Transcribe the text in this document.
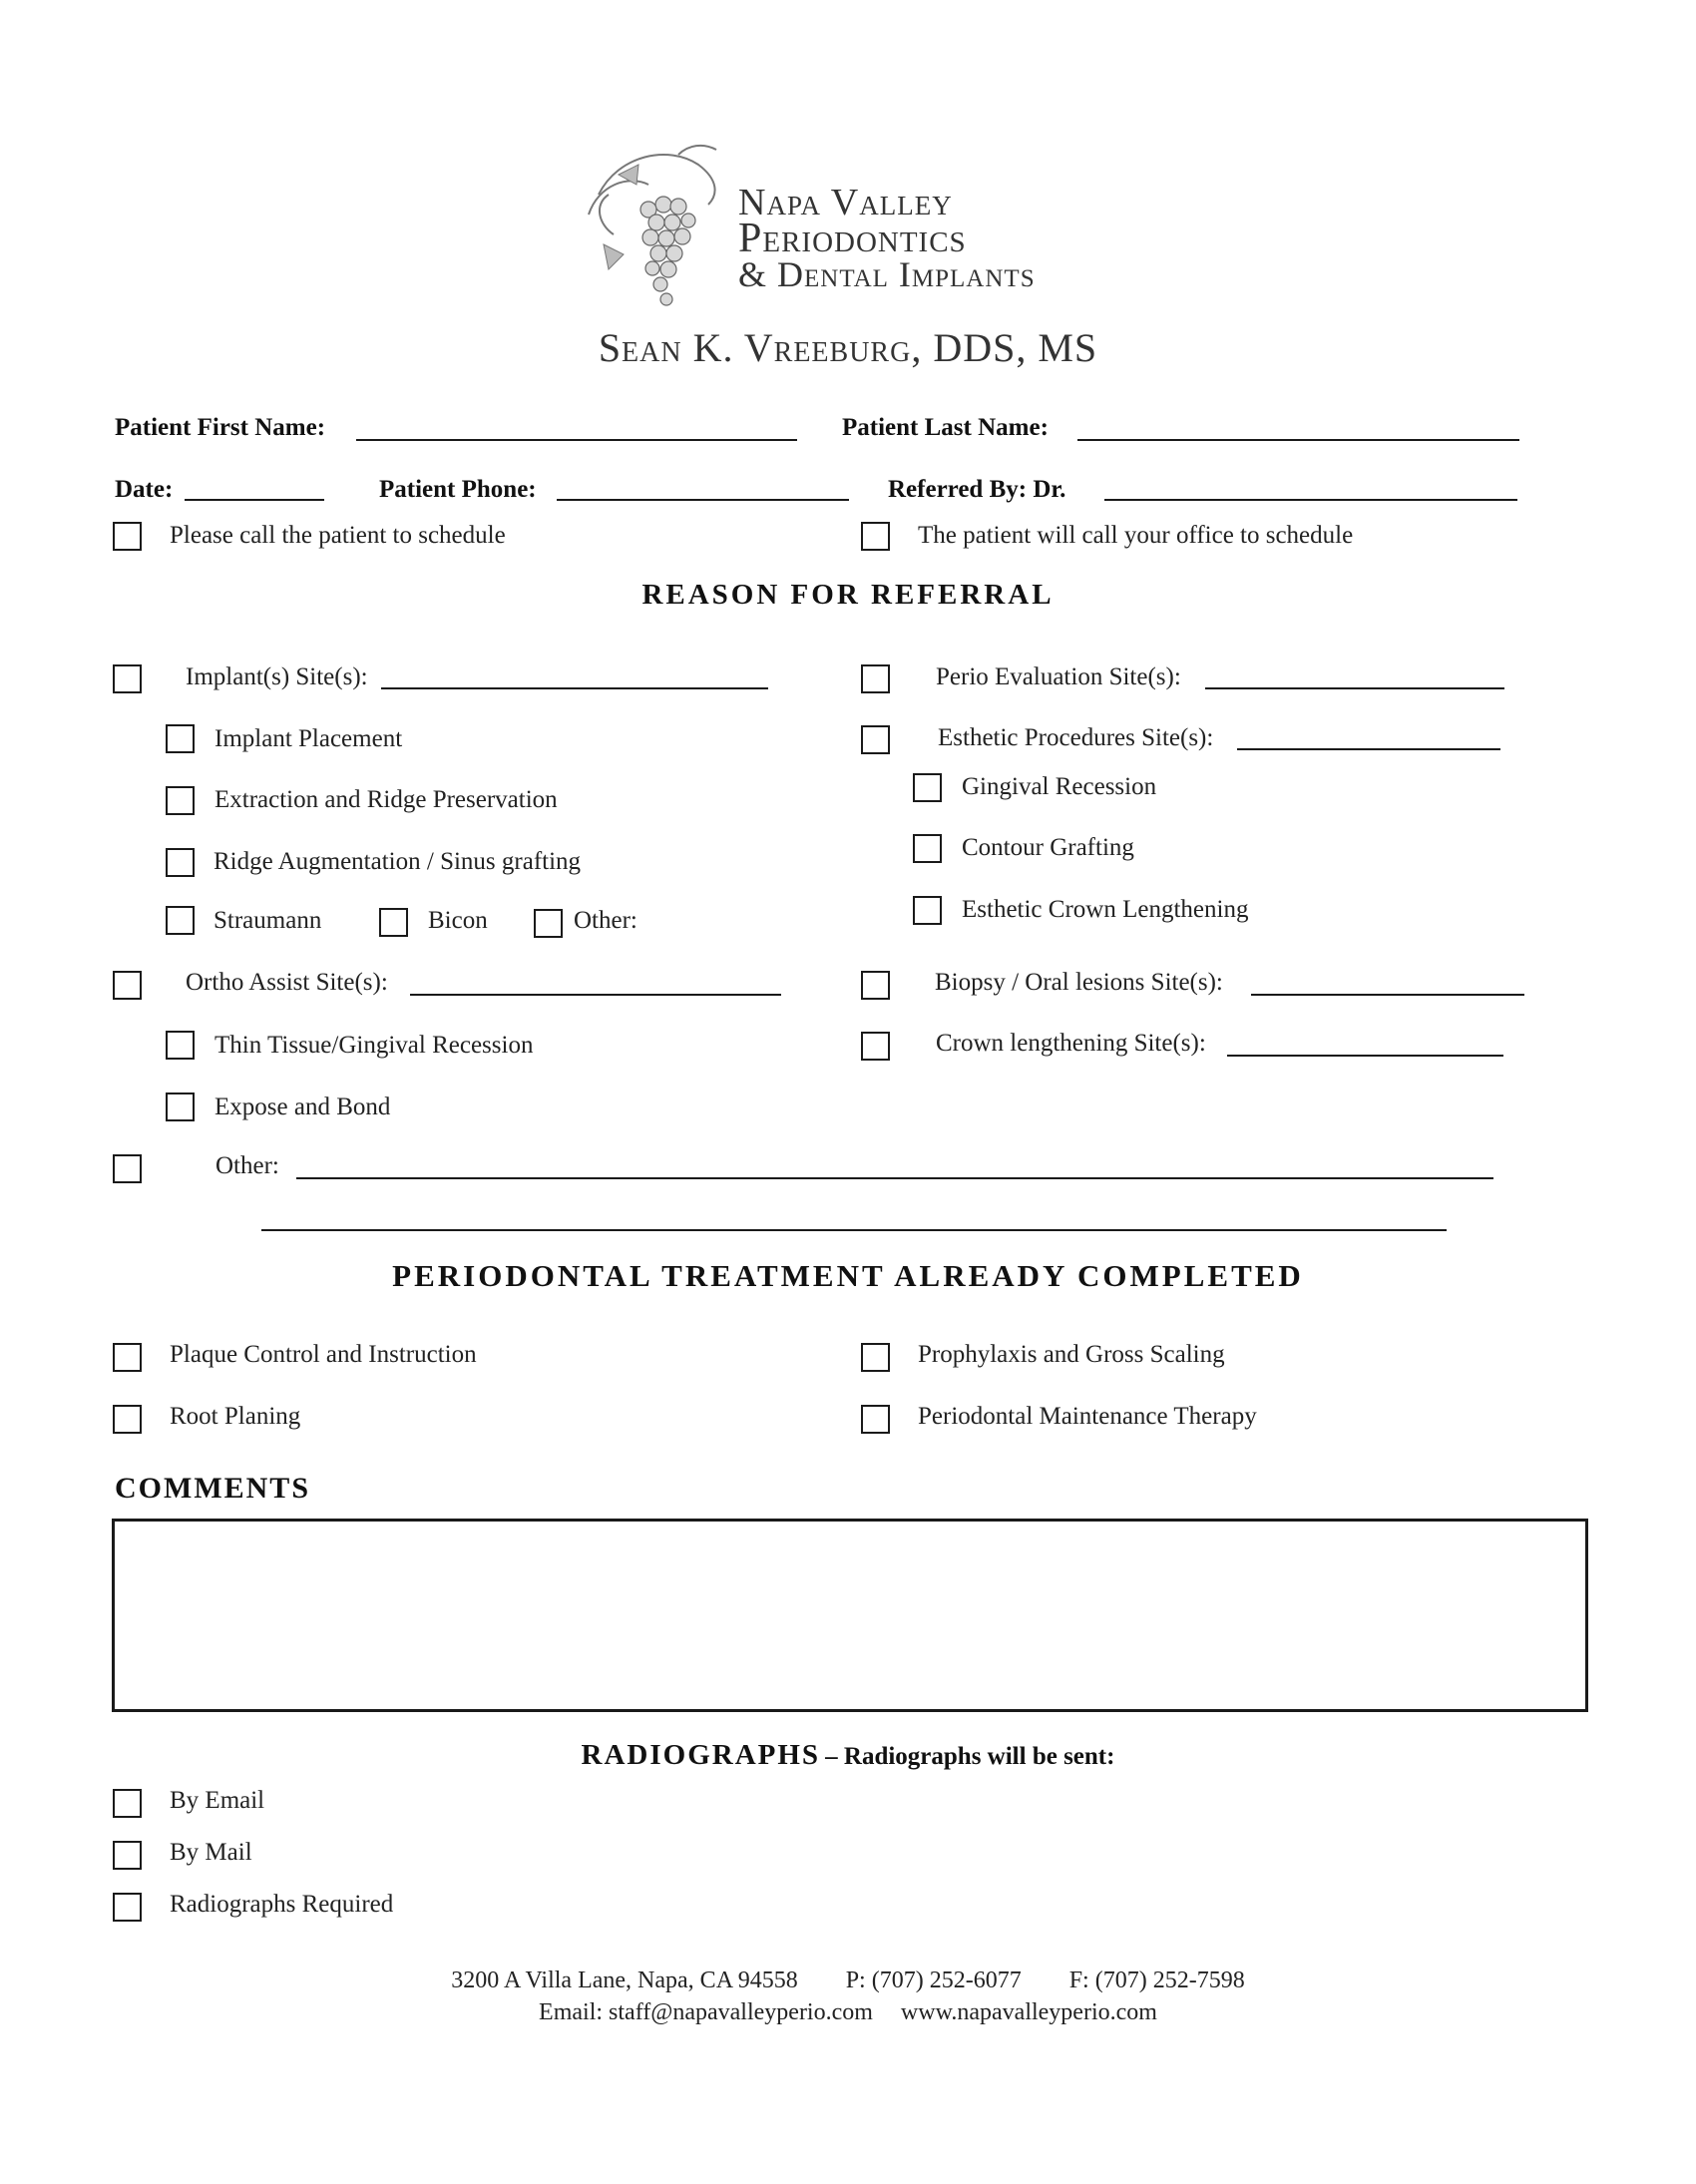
Napa Valley
Periodontics
& Dental Implants
Sean K. Vreeburg, DDS, MS
Patient First Name:	Patient Last Name:
Date:	Patient Phone:	Referred By: Dr.
Please call the patient to schedule	The patient will call your office to schedule
REASON FOR REFERRAL
Implant(s) Site(s):
Implant Placement
Extraction and Ridge Preservation
Ridge Augmentation / Sinus grafting
Straumann	Bicon	Other:
Ortho Assist Site(s):
Thin Tissue/Gingival Recession
Expose and Bond
Other:
Perio Evaluation Site(s):
Esthetic Procedures Site(s):
Gingival Recession
Contour Grafting
Esthetic Crown Lengthening
Biopsy / Oral lesions Site(s):
Crown lengthening Site(s):
PERIODONTAL TREATMENT ALREADY COMPLETED
Plaque Control and Instruction
Root Planing
Prophylaxis and Gross Scaling
Periodontal Maintenance Therapy
COMMENTS
RADIOGRAPHS – Radiographs will be sent:
By Email
By Mail
Radiographs Required
3200 A Villa Lane, Napa, CA 94558 P: (707) 252-6077 F: (707) 252-7598
Email: staff@napavalleyperio.com www.napavalleyperio.com
